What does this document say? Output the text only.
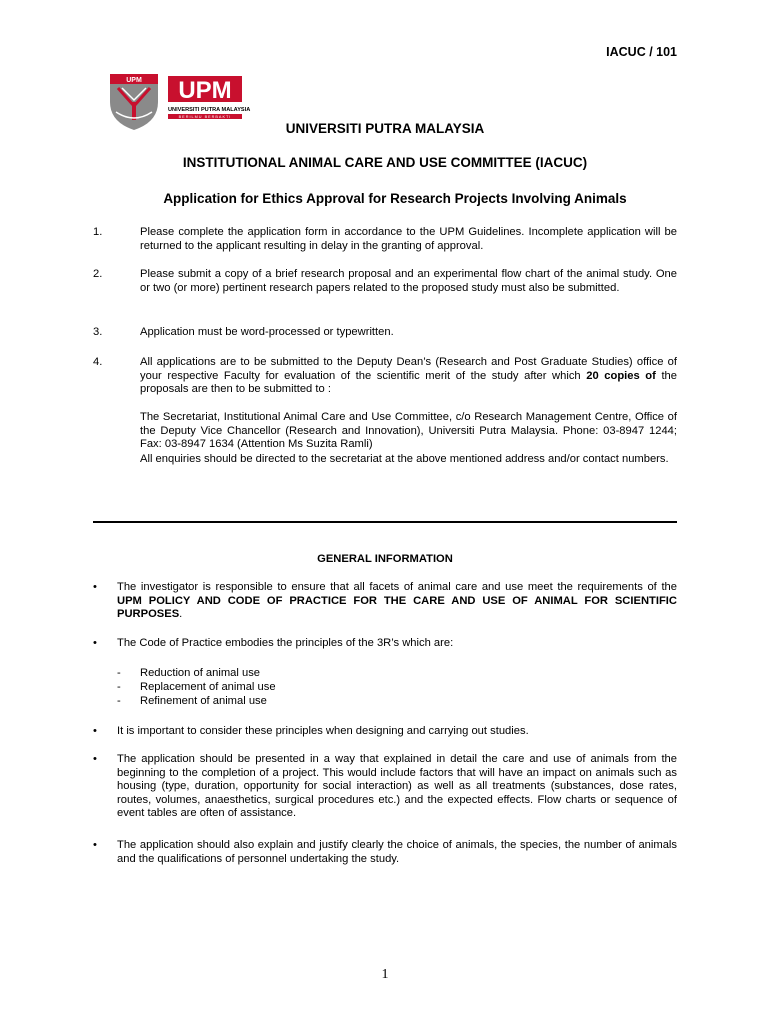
IACUC / 101
UPM UPM
UNIVERSITI PUTRA MALAYSIA
BERILMU BERBAKTI
UNIVERSITI PUTRA MALAYSIA
INSTITUTIONAL ANIMAL CARE AND USE COMMITTEE (IACUC)
Application for Ethics Approval for Research Projects Involving Animals
1.	Please complete the application form in accordance to the UPM Guidelines. Incomplete application will be returned to the applicant resulting in delay in the granting of approval.
2.	Please submit a copy of a brief research proposal and an experimental flow chart of the animal study. One or two (or more) pertinent research papers related to the proposed study must also be submitted.
3.	Application must be word-processed or typewritten.
4.	All applications are to be submitted to the Deputy Dean’s (Research and Post Graduate Studies) office of your respective Faculty for evaluation of the scientific merit of the study after which 20 copies of the proposals are then to be submitted to :
The Secretariat, Institutional Animal Care and Use Committee, c/o Research Management Centre, Office of the Deputy Vice Chancellor (Research and Innovation), Universiti Putra Malaysia. Phone: 03-8947 1244; Fax: 03-8947 1634 (Attention Ms Suzita Ramli)
All enquiries should be directed to the secretariat at the above mentioned address and/or contact numbers.
GENERAL INFORMATION
•	The investigator is responsible to ensure that all facets of animal care and use meet the requirements of the UPM POLICY AND CODE OF PRACTICE FOR THE CARE AND USE OF ANIMAL FOR SCIENTIFIC PURPOSES.
•	The Code of Practice embodies the principles of the 3R’s which are:
- Reduction of animal use
- Replacement of animal use
- Refinement of animal use
•	It is important to consider these principles when designing and carrying out studies.
•	The application should be presented in a way that explained in detail the care and use of animals from the beginning to the completion of a project. This would include factors that will have an impact on animals such as housing (type, duration, opportunity for social interaction) as well as all treatments (substances, dose rates, routes, volumes, anaesthetics, surgical procedures etc.) and the expected effects. Flow charts or sequence of event tables are often of assistance.
•	The application should also explain and justify clearly the choice of animals, the species, the number of animals and the qualifications of personnel undertaking the study.
1
